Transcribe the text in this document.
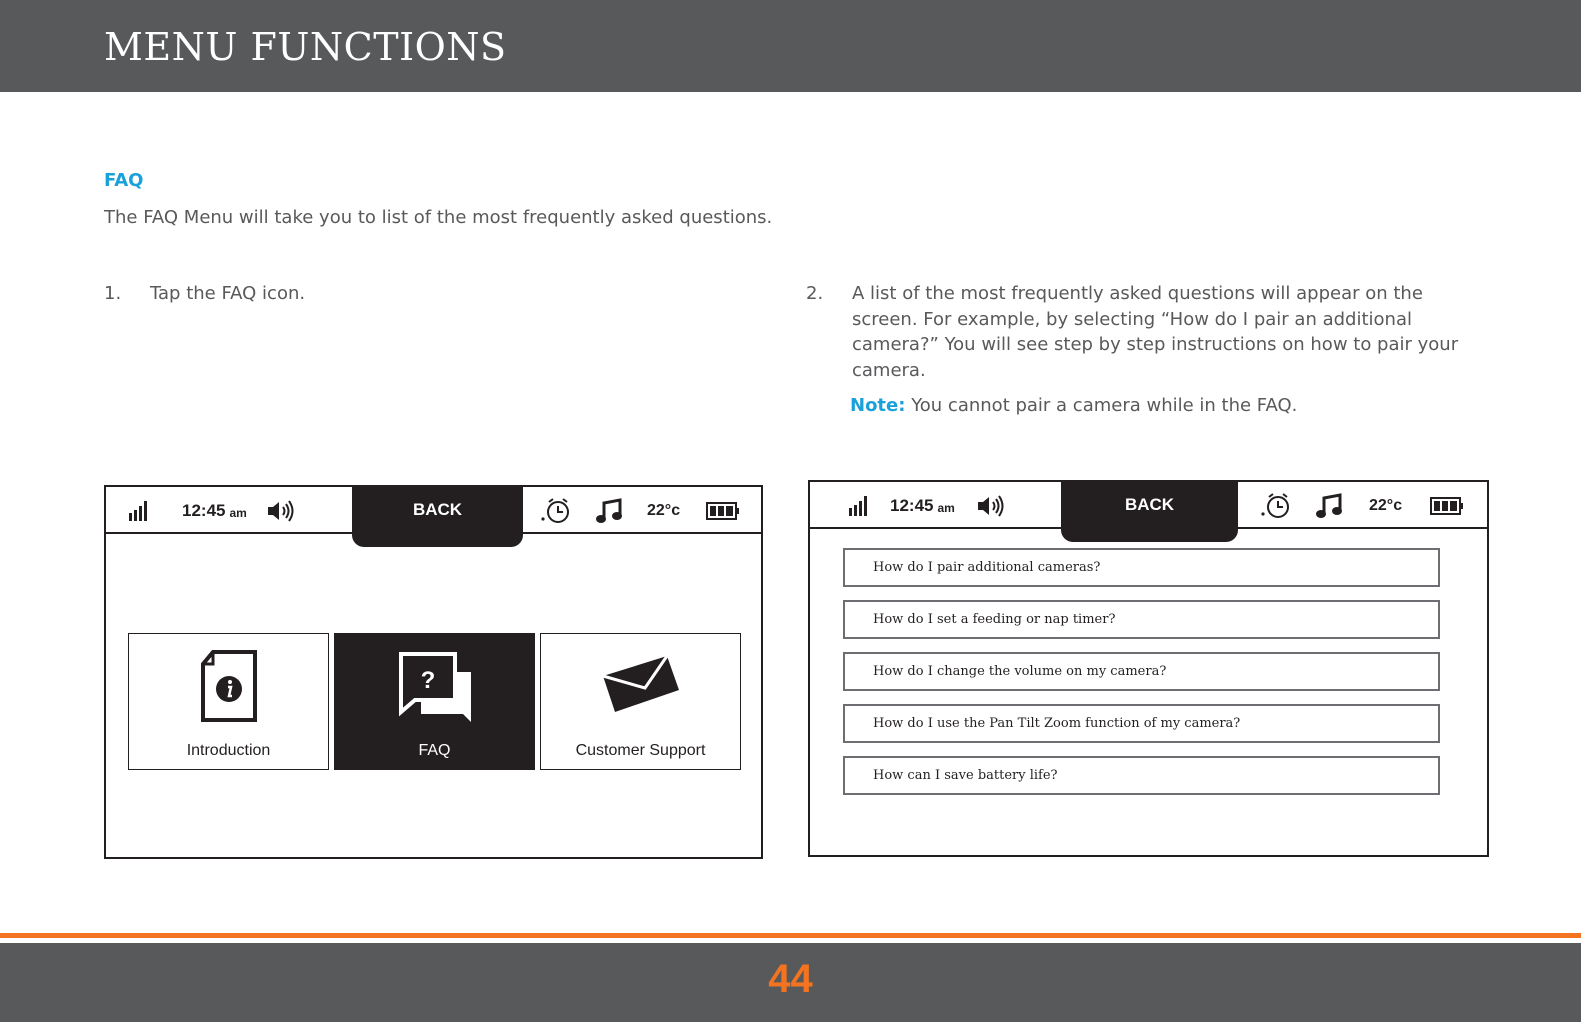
MENU FUNCTIONS
FAQ
The FAQ Menu will take you to list of the most frequently asked questions.
1. Tap the FAQ icon.	2. A list of the most frequently asked questions will appear on the screen. For example, by selecting “How do I pair an additional camera?” You will see step by step instructions on how to pair your camera.
Note: You cannot pair a camera while in the FAQ.
12:45 am	BACK	22°c
Introduction
?
FAQ	Customer Support
12:45 am	BACK	22°c
How do I pair additional cameras?
How do I set a feeding or nap timer?
How do I change the volume on my camera?
How do I use the Pan Tilt Zoom function of my camera?
How can I save battery life?
44
